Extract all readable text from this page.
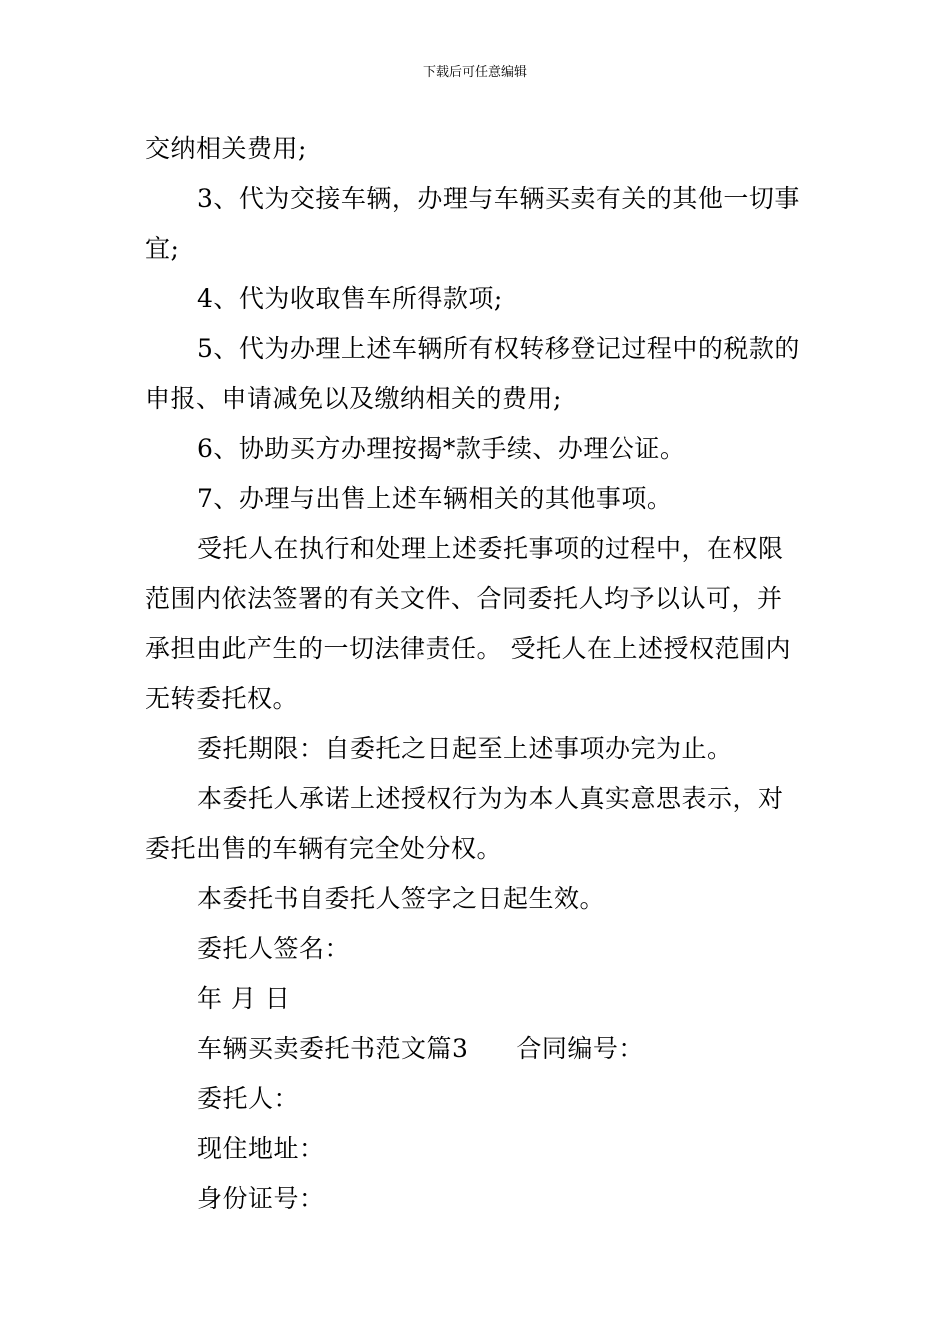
下载后可任意编辑
交纳相关费用;
3、代为交接车辆，办理与车辆买卖有关的其他一切事
宜;
4、代为收取售车所得款项;
5、代为办理上述车辆所有权转移登记过程中的税款的
申报、申请减免以及缴纳相关的费用;
6、协助买方办理按揭*款手续、办理公证。
7、办理与出售上述车辆相关的其他事项。
受托人在执行和处理上述委托事项的过程中，在权限
范围内依法签署的有关文件、合同委托人均予以认可，并
承担由此产生的一切法律责任。 受托人在上述授权范围内
无转委托权。
委托期限：自委托之日起至上述事项办完为止。
本委托人承诺上述授权行为为本人真实意思表示，对
委托出售的车辆有完全处分权。
本委托书自委托人签字之日起生效。
委托人签名：
年 月 日
车辆买卖委托书范文篇3 合同编号：
委托人：
现住地址：
身份证号：
